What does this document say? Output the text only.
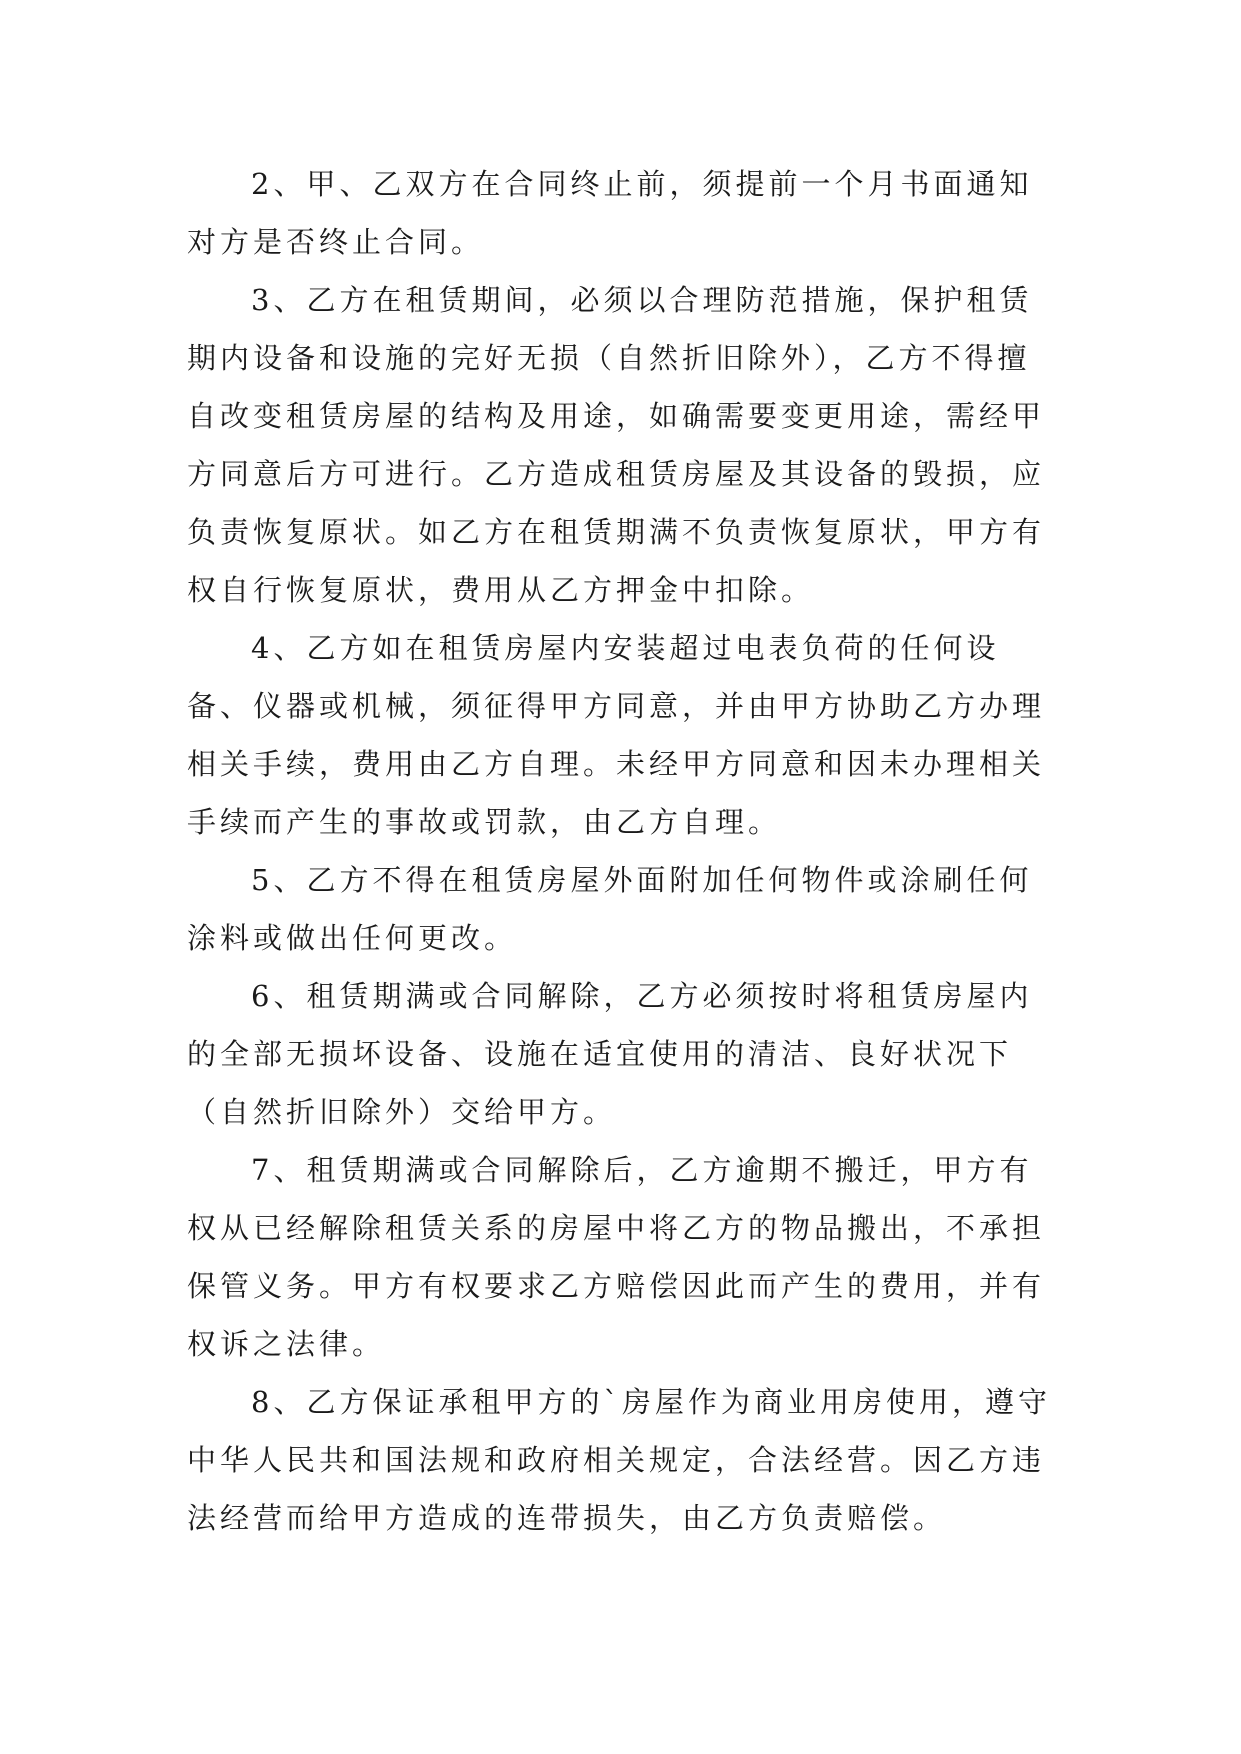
2、甲、乙双方在合同终止前，须提前一个月书面通知对方是否终止合同。

3、乙方在租赁期间，必须以合理防范措施，保护租赁期内设备和设施的完好无损（自然折旧除外），乙方不得擅自改变租赁房屋的结构及用途，如确需要变更用途，需经甲方同意后方可进行。乙方造成租赁房屋及其设备的毁损，应负责恢复原状。如乙方在租赁期满不负责恢复原状，甲方有权自行恢复原状，费用从乙方押金中扣除。

4、乙方如在租赁房屋内安装超过电表负荷的任何设备、仪器或机械，须征得甲方同意，并由甲方协助乙方办理相关手续，费用由乙方自理。未经甲方同意和因未办理相关手续而产生的事故或罚款，由乙方自理。

5、乙方不得在租赁房屋外面附加任何物件或涂刷任何涂料或做出任何更改。

6、租赁期满或合同解除，乙方必须按时将租赁房屋内的全部无损坏设备、设施在适宜使用的清洁、良好状况下（自然折旧除外）交给甲方。

7、租赁期满或合同解除后，乙方逾期不搬迁，甲方有权从已经解除租赁关系的房屋中将乙方的物品搬出，不承担保管义务。甲方有权要求乙方赔偿因此而产生的费用，并有权诉之法律。

8、乙方保证承租甲方的`房屋作为商业用房使用，遵守中华人民共和国法规和政府相关规定，合法经营。因乙方违法经营而给甲方造成的连带损失，由乙方负责赔偿。
